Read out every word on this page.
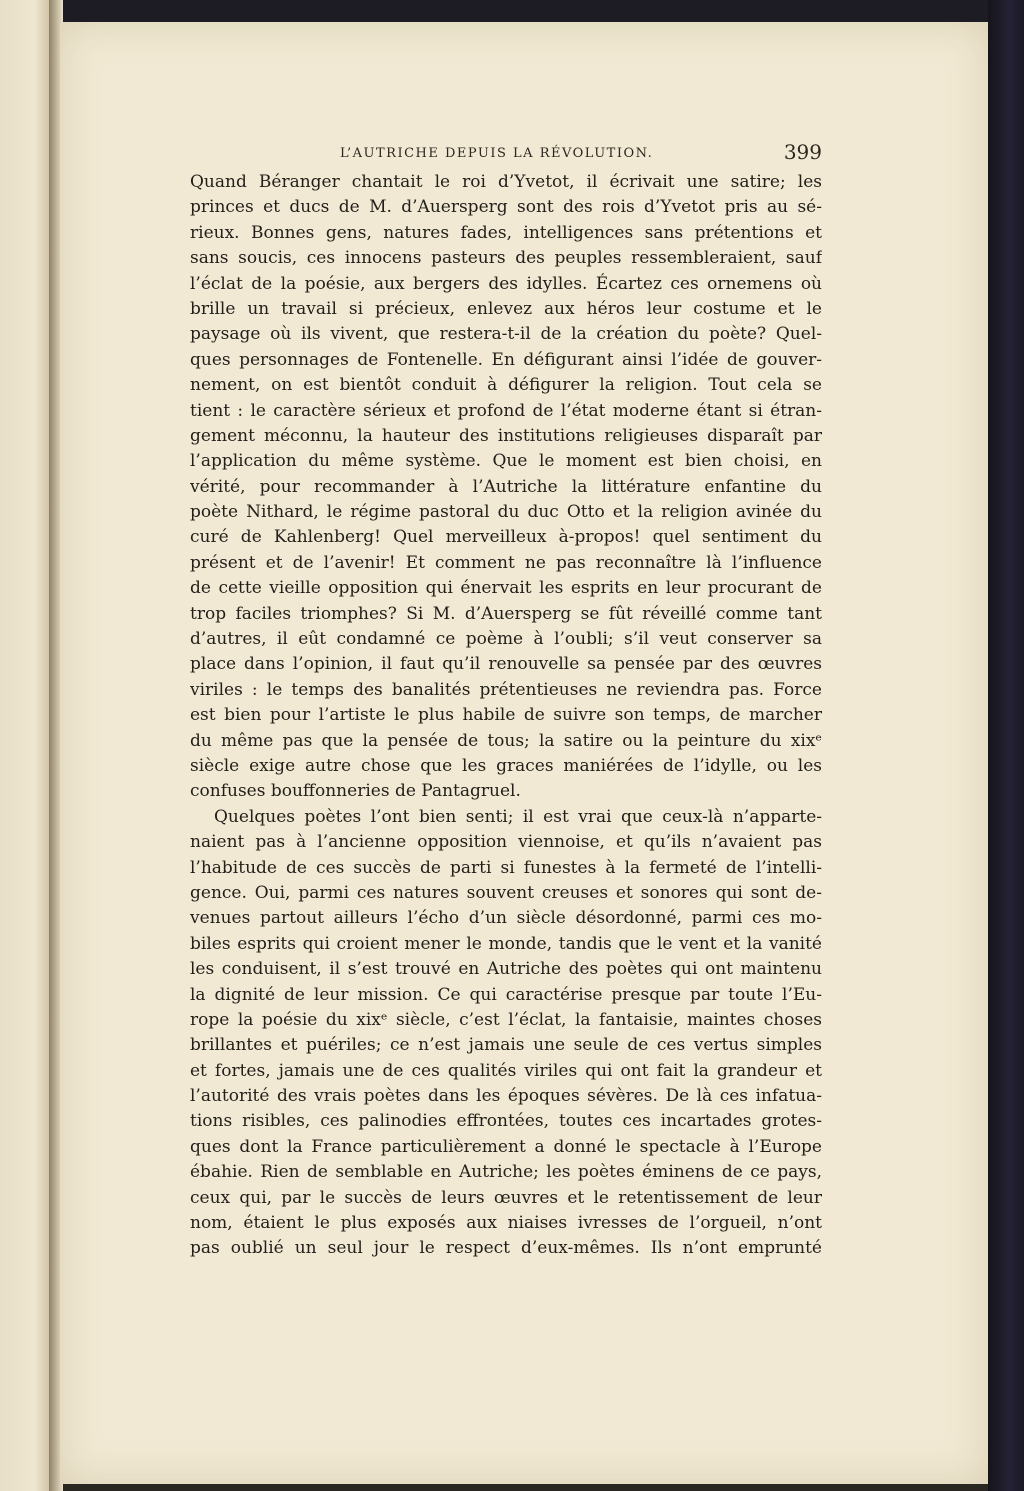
L’AUTRICHE DEPUIS LA RÉVOLUTION.	399
Quand Béranger chantait le roi d’Yvetot, il écrivait une satire; les
princes et ducs de M. d’Auersperg sont des rois d’Yvetot pris au sé-
rieux. Bonnes gens, natures fades, intelligences sans prétentions et
sans soucis, ces innocens pasteurs des peuples ressembleraient, sauf
l’éclat de la poésie, aux bergers des idylles. Écartez ces ornemens où
brille un travail si précieux, enlevez aux héros leur costume et le
paysage où ils vivent, que restera-t-il de la création du poète? Quel-
ques personnages de Fontenelle. En défigurant ainsi l’idée de gouver-
nement, on est bientôt conduit à défigurer la religion. Tout cela se
tient : le caractère sérieux et profond de l’état moderne étant si étran-
gement méconnu, la hauteur des institutions religieuses disparaît par
l’application du même système. Que le moment est bien choisi, en
vérité, pour recommander à l’Autriche la littérature enfantine du
poète Nithard, le régime pastoral du duc Otto et la religion avinée du
curé de Kahlenberg! Quel merveilleux à-propos! quel sentiment du
présent et de l’avenir! Et comment ne pas reconnaître là l’influence
de cette vieille opposition qui énervait les esprits en leur procurant de
trop faciles triomphes? Si M. d’Auersperg se fût réveillé comme tant
d’autres, il eût condamné ce poème à l’oubli; s’il veut conserver sa
place dans l’opinion, il faut qu’il renouvelle sa pensée par des œuvres
viriles : le temps des banalités prétentieuses ne reviendra pas. Force
est bien pour l’artiste le plus habile de suivre son temps, de marcher
du même pas que la pensée de tous; la satire ou la peinture du xixᵉ
siècle exige autre chose que les graces maniérées de l’idylle, ou les
confuses bouffonneries de Pantagruel.
Quelques poètes l’ont bien senti; il est vrai que ceux-là n’apparte-
naient pas à l’ancienne opposition viennoise, et qu’ils n’avaient pas
l’habitude de ces succès de parti si funestes à la fermeté de l’intelli-
gence. Oui, parmi ces natures souvent creuses et sonores qui sont de-
venues partout ailleurs l’écho d’un siècle désordonné, parmi ces mo-
biles esprits qui croient mener le monde, tandis que le vent et la vanité
les conduisent, il s’est trouvé en Autriche des poètes qui ont maintenu
la dignité de leur mission. Ce qui caractérise presque par toute l’Eu-
rope la poésie du xixᵉ siècle, c’est l’éclat, la fantaisie, maintes choses
brillantes et puériles; ce n’est jamais une seule de ces vertus simples
et fortes, jamais une de ces qualités viriles qui ont fait la grandeur et
l’autorité des vrais poètes dans les époques sévères. De là ces infatua-
tions risibles, ces palinodies effrontées, toutes ces incartades grotes-
ques dont la France particulièrement a donné le spectacle à l’Europe
ébahie. Rien de semblable en Autriche; les poètes éminens de ce pays,
ceux qui, par le succès de leurs œuvres et le retentissement de leur
nom, étaient le plus exposés aux niaises ivresses de l’orgueil, n’ont
pas oublié un seul jour le respect d’eux-mêmes. Ils n’ont emprunté
